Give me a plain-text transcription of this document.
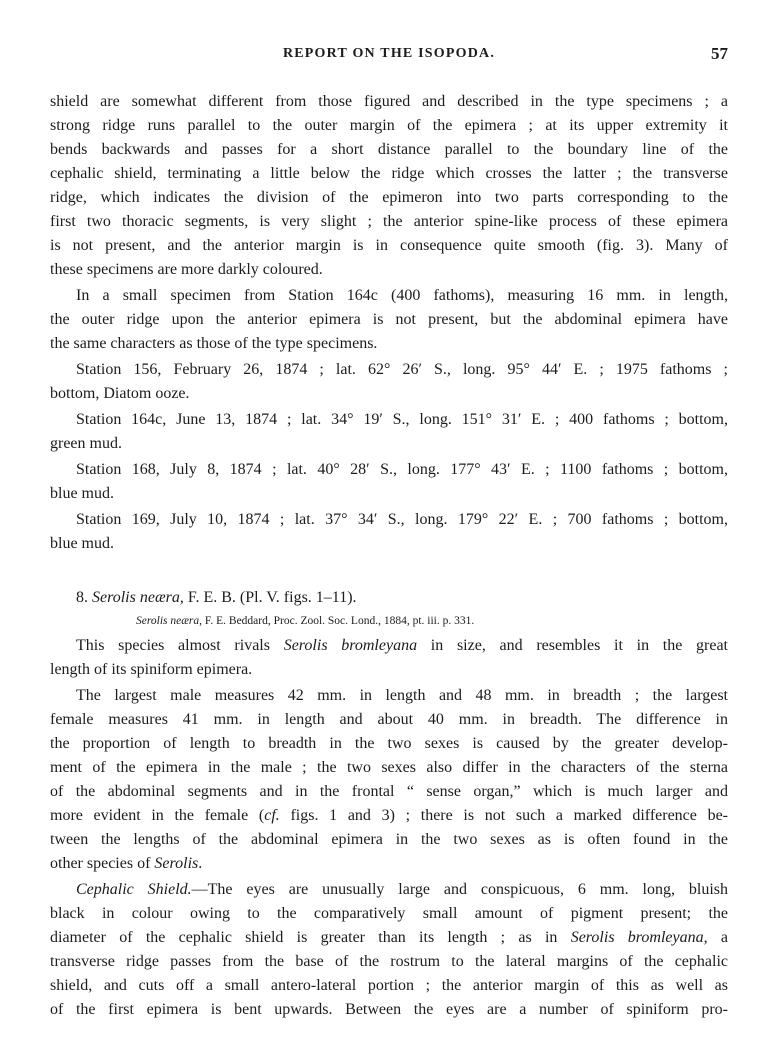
REPORT ON THE ISOPODA.	57
shield are somewhat different from those figured and described in the type specimens ; a
strong ridge runs parallel to the outer margin of the epimera ; at its upper extremity it
bends backwards and passes for a short distance parallel to the boundary line of the
cephalic shield, terminating a little below the ridge which crosses the latter ; the transverse
ridge, which indicates the division of the epimeron into two parts corresponding to the
first two thoracic segments, is very slight ; the anterior spine-like process of these epimera
is not present, and the anterior margin is in consequence quite smooth (fig. 3). Many of
these specimens are more darkly coloured.
In a small specimen from Station 164c (400 fathoms), measuring 16 mm. in length,
the outer ridge upon the anterior epimera is not present, but the abdominal epimera have
the same characters as those of the type specimens.
Station 156, February 26, 1874 ; lat. 62° 26′ S., long. 95° 44′ E. ; 1975 fathoms ;
bottom, Diatom ooze.
Station 164c, June 13, 1874 ; lat. 34° 19′ S., long. 151° 31′ E. ; 400 fathoms ; bottom,
green mud.
Station 168, July 8, 1874 ; lat. 40° 28′ S., long. 177° 43′ E. ; 1100 fathoms ; bottom,
blue mud.
Station 169, July 10, 1874 ; lat. 37° 34′ S., long. 179° 22′ E. ; 700 fathoms ; bottom,
blue mud.
8. Serolis neæra, F. E. B. (Pl. V. figs. 1–11).
Serolis neæra, F. E. Beddard, Proc. Zool. Soc. Lond., 1884, pt. iii. p. 331.
This species almost rivals Serolis bromleyana in size, and resembles it in the great
length of its spiniform epimera.
The largest male measures 42 mm. in length and 48 mm. in breadth ; the largest
female measures 41 mm. in length and about 40 mm. in breadth. The difference in
the proportion of length to breadth in the two sexes is caused by the greater develop-
ment of the epimera in the male ; the two sexes also differ in the characters of the sterna
of the abdominal segments and in the frontal “ sense organ,” which is much larger and
more evident in the female (cf. figs. 1 and 3) ; there is not such a marked difference be-
tween the lengths of the abdominal epimera in the two sexes as is often found in the
other species of Serolis.
Cephalic Shield.—The eyes are unusually large and conspicuous, 6 mm. long, bluish
black in colour owing to the comparatively small amount of pigment present; the
diameter of the cephalic shield is greater than its length ; as in Serolis bromleyana, a
transverse ridge passes from the base of the rostrum to the lateral margins of the cephalic
shield, and cuts off a small antero-lateral portion ; the anterior margin of this as well as
of the first epimera is bent upwards. Between the eyes are a number of spiniform pro-
